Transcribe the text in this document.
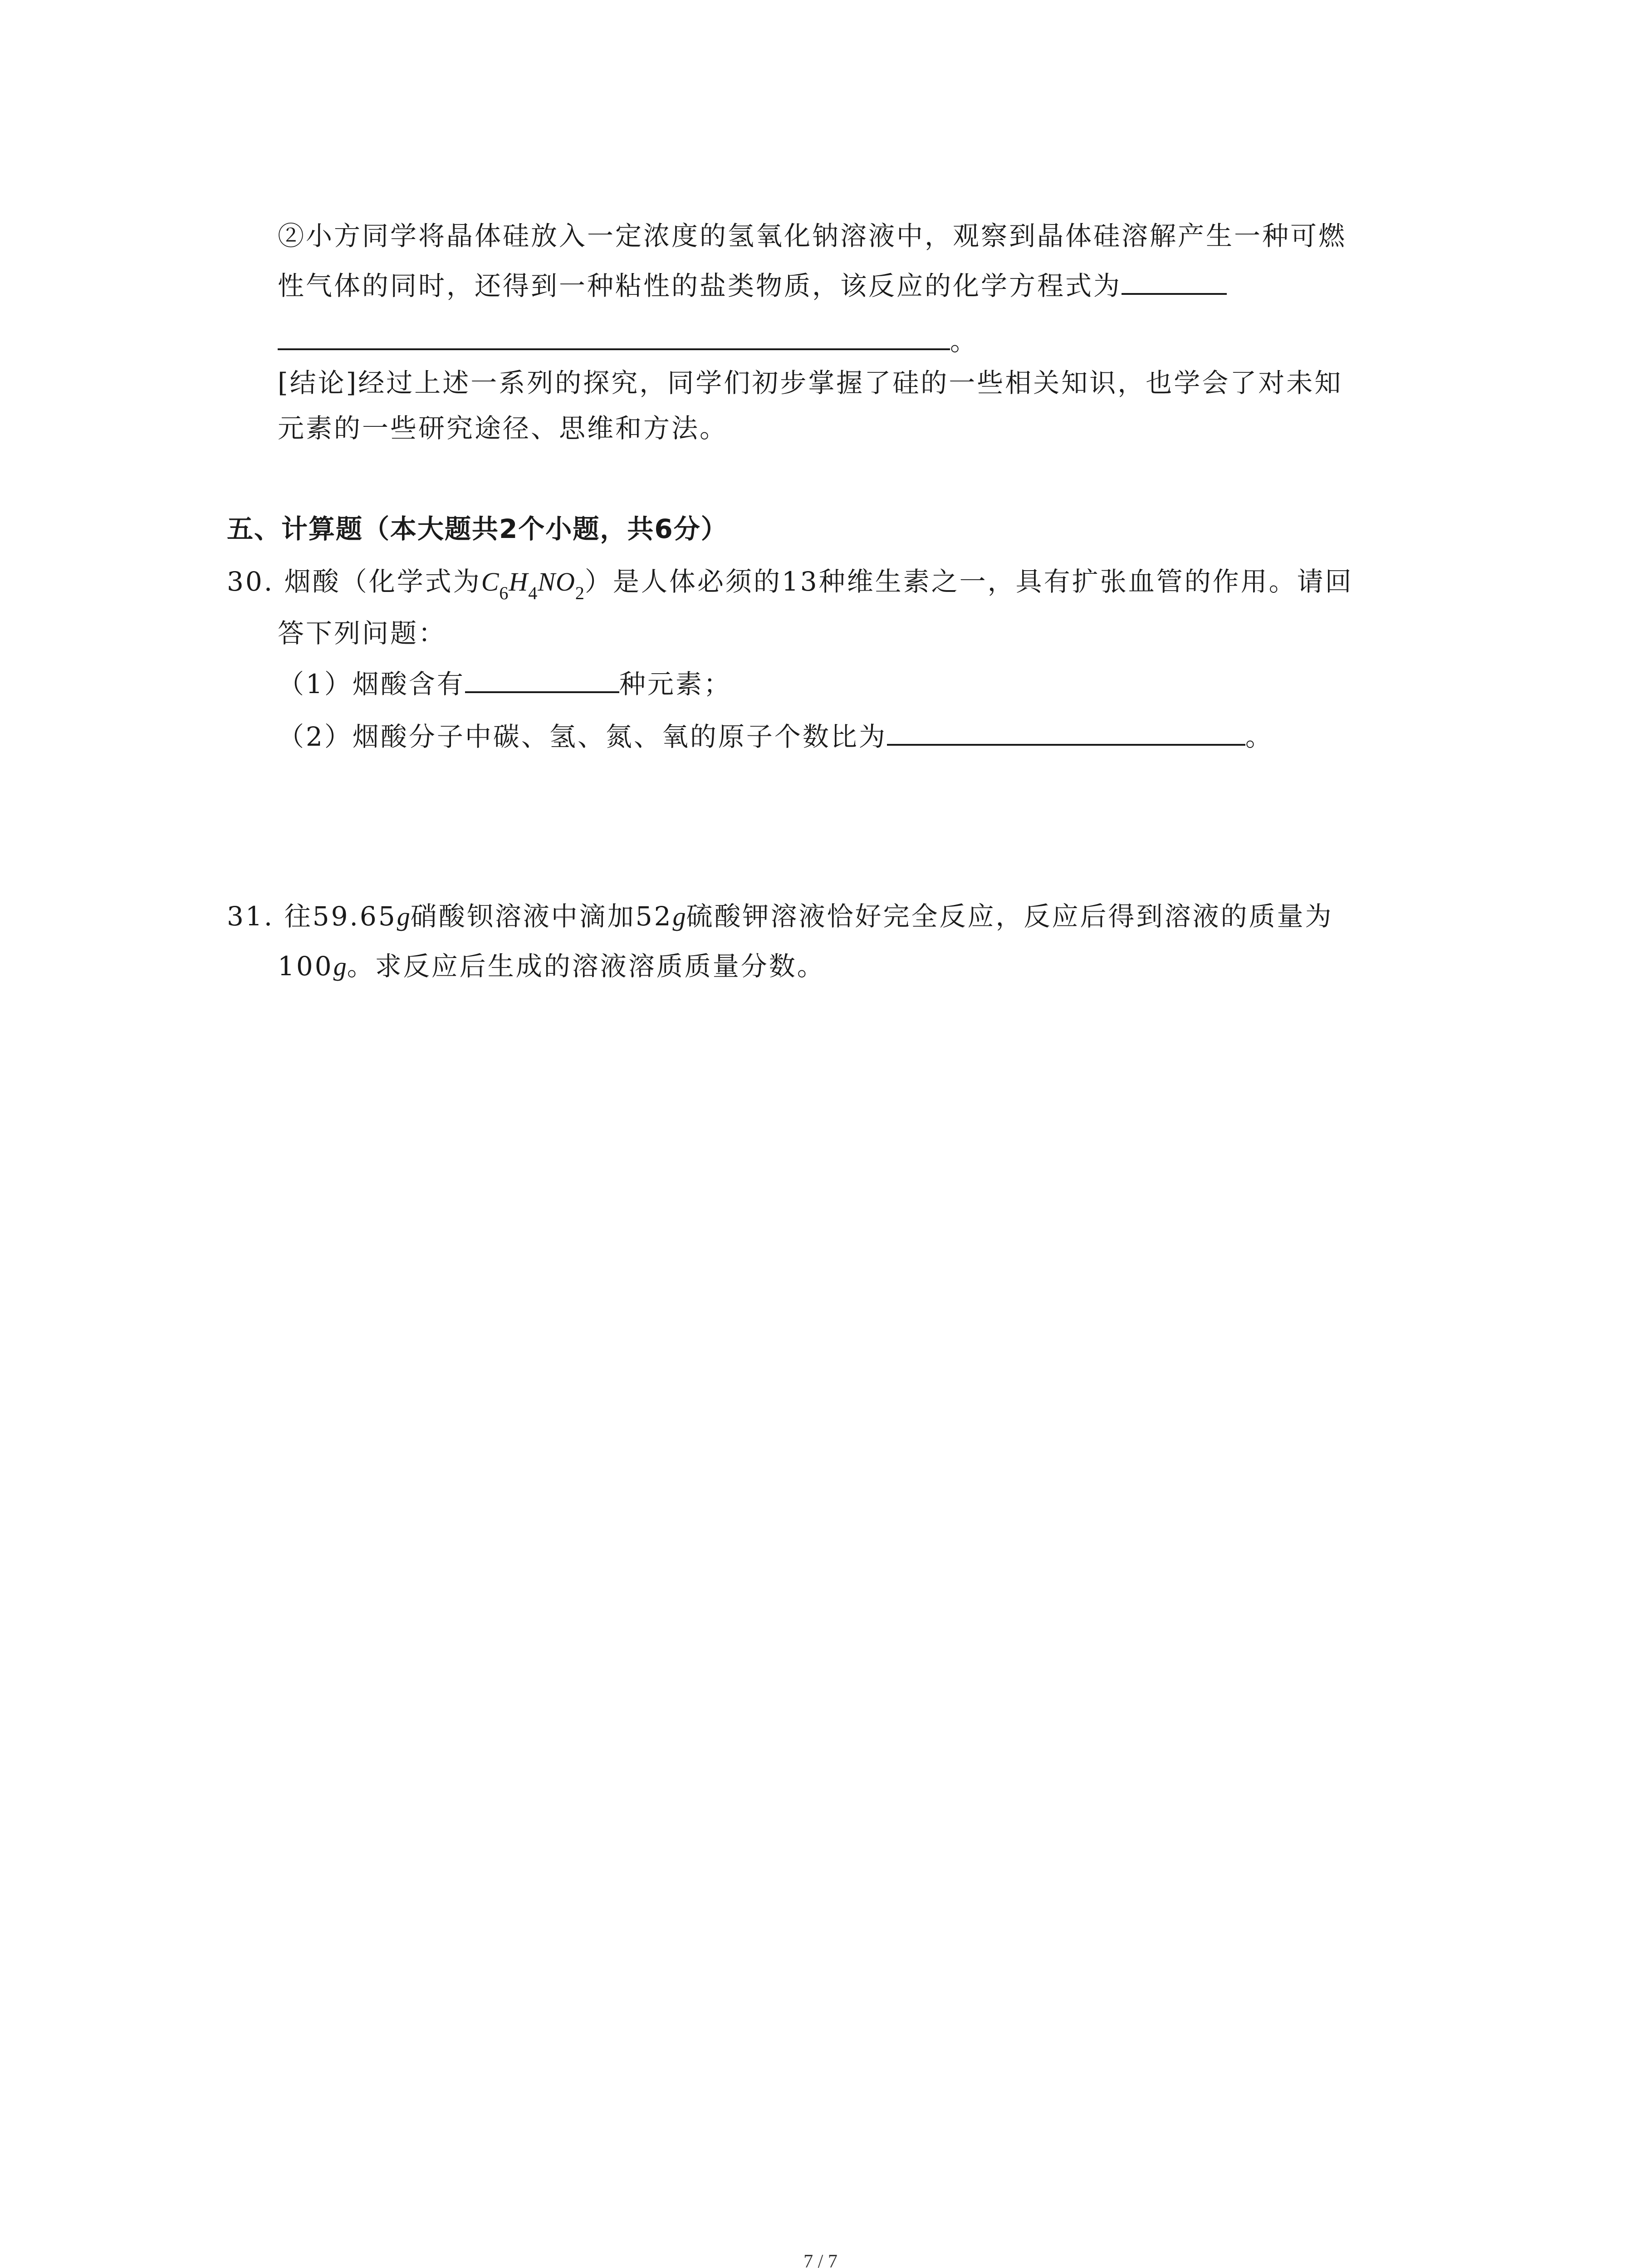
②小方同学将晶体硅放入一定浓度的氢氧化钠溶液中，观察到晶体硅溶解产生一种可燃
性气体的同时，还得到一种粘性的盐类物质，该反应的化学方程式为
。
[结论]经过上述一系列的探究，同学们初步掌握了硅的一些相关知识，也学会了对未知
元素的一些研究途径、思维和方法。
五、计算题（本大题共2个小题，共6分）
30. 烟酸（化学式为$C_6H_4NO_2$）是人体必须的13种维生素之一，具有扩张血管的作用。请回
答下列问题：
（1）烟酸含有	种元素；
（2）烟酸分子中碳、氢、氮、氧的原子个数比为	。
31. 往59.65g硝酸钡溶液中滴加52g硫酸钾溶液恰好完全反应，反应后得到溶液的质量为
100g。求反应后生成的溶液溶质质量分数。
7 / 7
